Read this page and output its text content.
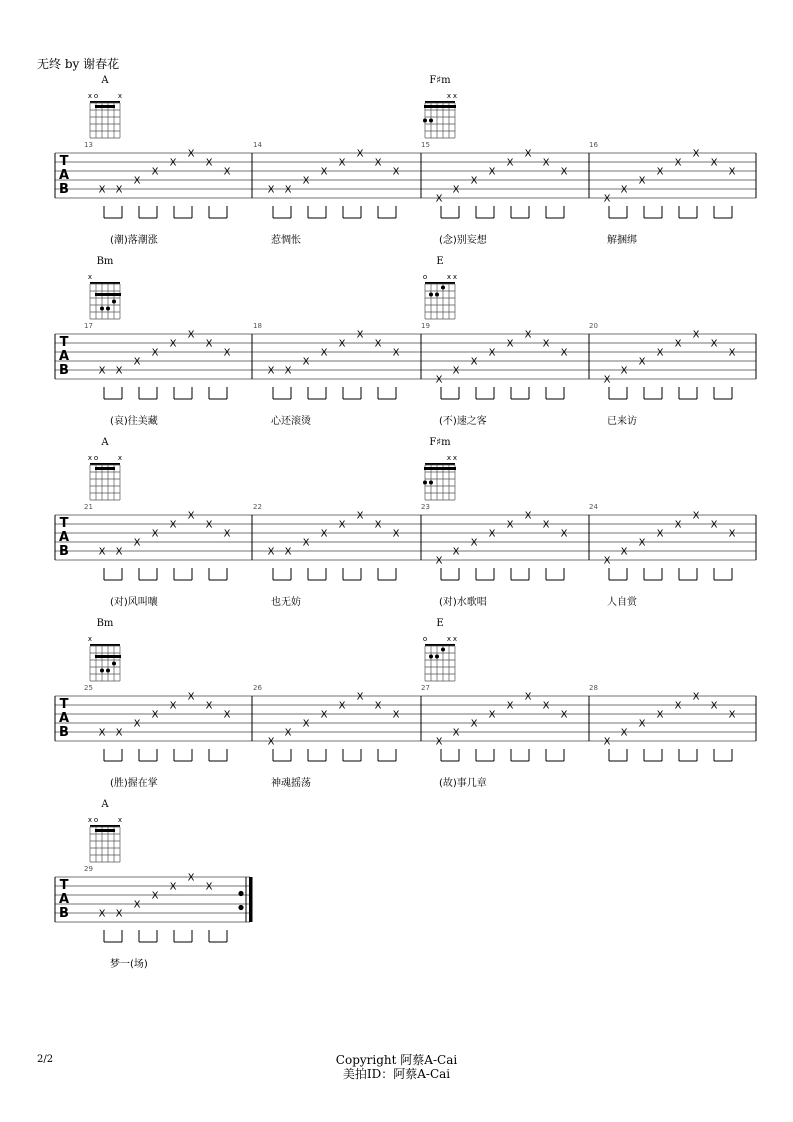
无终 by 谢春花
A
x o	x
F♯m
x x
T
A
B
13
X X
X
X
X
X
X
X
(潮)落潮涨
14
X X
X
X
X
X
X
X
惹惆怅
15
X
X
X
X
X
X
X
X
(念)别妄想
16
X
X
X
X
X
X
X
X
解捆绑
Bm
x
E
o	x x
T
A
B
17
X X
X
X
X
X
X
X
(哀)往美藏
18
X X
X
X
X
X
X
X
心还滚烫
19
X
X
X
X
X
X
X
X
(不)速之客
20
X
X
X
X
X
X
X
X
已来访
A
x o	x
F♯m
x x
T
A
B
21
X X
X
X
X
X
X
X
(对)风叫嚷
22
X X
X
X
X
X
X
X
也无妨
23
X
X
X
X
X
X
X
X
(对)水歌唱
24
X
X
X
X
X
X
X
X
人自赏
Bm
x
E
o	x x
T
A
B
25
X X
X
X
X
X
X
X
(胜)握在掌
26
X
X
X
X
X
X
X
X
神魂摇荡
27
X
X
X
X
X
X
X
X
(故)事几章
28
X
X
X
X
X
X
X
X
A
x o	x
T
A
B
29
X X
X
X
X
X
X
梦一(场)
2/2	Copyright 阿蔡A-Cai
美拍ID：阿蔡A-Cai
